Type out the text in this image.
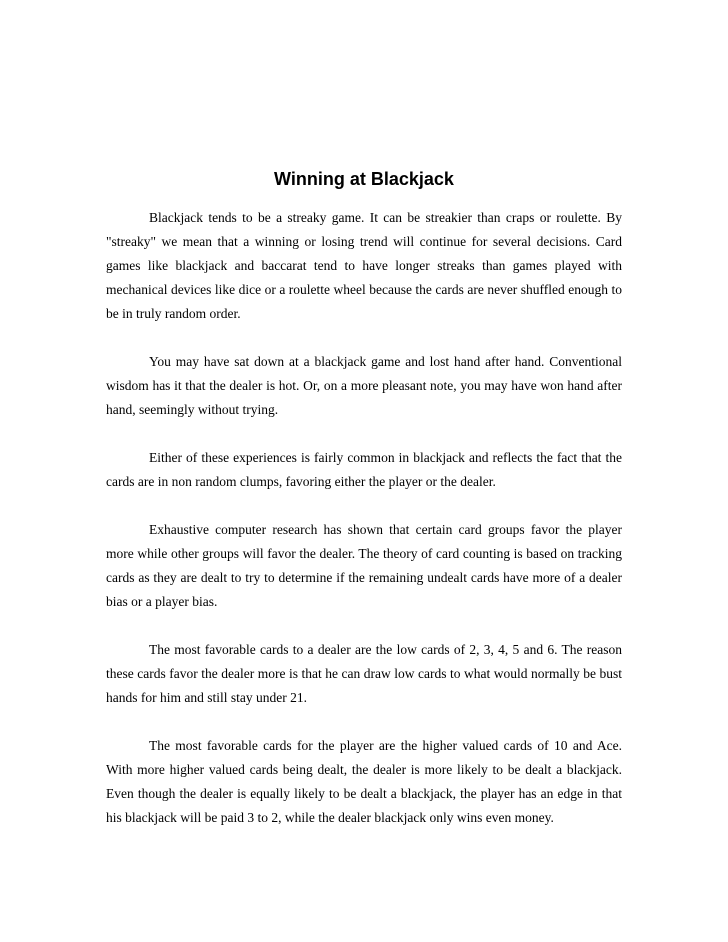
Winning at Blackjack

Blackjack tends to be a streaky game. It can be streakier than craps or roulette. By "streaky" we mean that a winning or losing trend will continue for several decisions. Card games like blackjack and baccarat tend to have longer streaks than games played with mechanical devices like dice or a roulette wheel because the cards are never shuffled enough to be in truly random order.

You may have sat down at a blackjack game and lost hand after hand. Conventional wisdom has it that the dealer is hot. Or, on a more pleasant note, you may have won hand after hand, seemingly without trying.

Either of these experiences is fairly common in blackjack and reflects the fact that the cards are in non random clumps, favoring either the player or the dealer.

Exhaustive computer research has shown that certain card groups favor the player more while other groups will favor the dealer. The theory of card counting is based on tracking cards as they are dealt to try to determine if the remaining undealt cards have more of a dealer bias or a player bias.

The most favorable cards to a dealer are the low cards of 2, 3, 4, 5 and 6. The reason these cards favor the dealer more is that he can draw low cards to what would normally be bust hands for him and still stay under 21.

The most favorable cards for the player are the higher valued cards of 10 and Ace. With more higher valued cards being dealt, the dealer is more likely to be dealt a blackjack. Even though the dealer is equally likely to be dealt a blackjack, the player has an edge in that his blackjack will be paid 3 to 2, while the dealer blackjack only wins even money.
